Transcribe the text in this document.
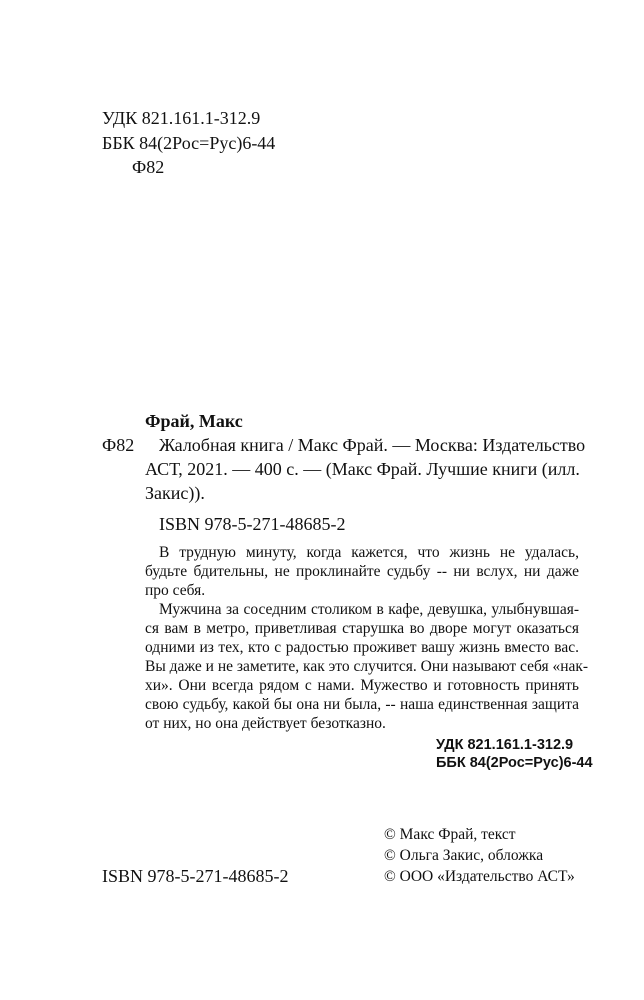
УДК 821.161.1-312.9
ББК 84(2Рос=Рус)6-44
Ф82
Фрай, Макс
Ф82 Жалобная книга / Макс Фрай. — Москва: Издательство
АСТ, 2021. — 400 с. — (Макс Фрай. Лучшие книги (илл.
Закис)).
ISBN 978-5-271-48685-2
В трудную минуту, когда кажется, что жизнь не удалась,
будьте бдительны, не проклинайте судьбу -- ни вслух, ни даже
про себя.
Мужчина за соседним столиком в кафе, девушка, улыбнувшая-
ся вам в метро, приветливая старушка во дворе могут оказаться
одними из тех, кто с радостью проживет вашу жизнь вместо вас.
Вы даже и не заметите, как это случится. Они называют себя «нак-
хи». Они всегда рядом с нами. Мужество и готовность принять
свою судьбу, какой бы она ни была, -- наша единственная защита
от них, но она действует безотказно.
УДК 821.161.1-312.9
ББК 84(2Рос=Рус)6-44
© Макс Фрай, текст
© Ольга Закис, обложка
© ООО «Издательство АСТ»
ISBN 978-5-271-48685-2
